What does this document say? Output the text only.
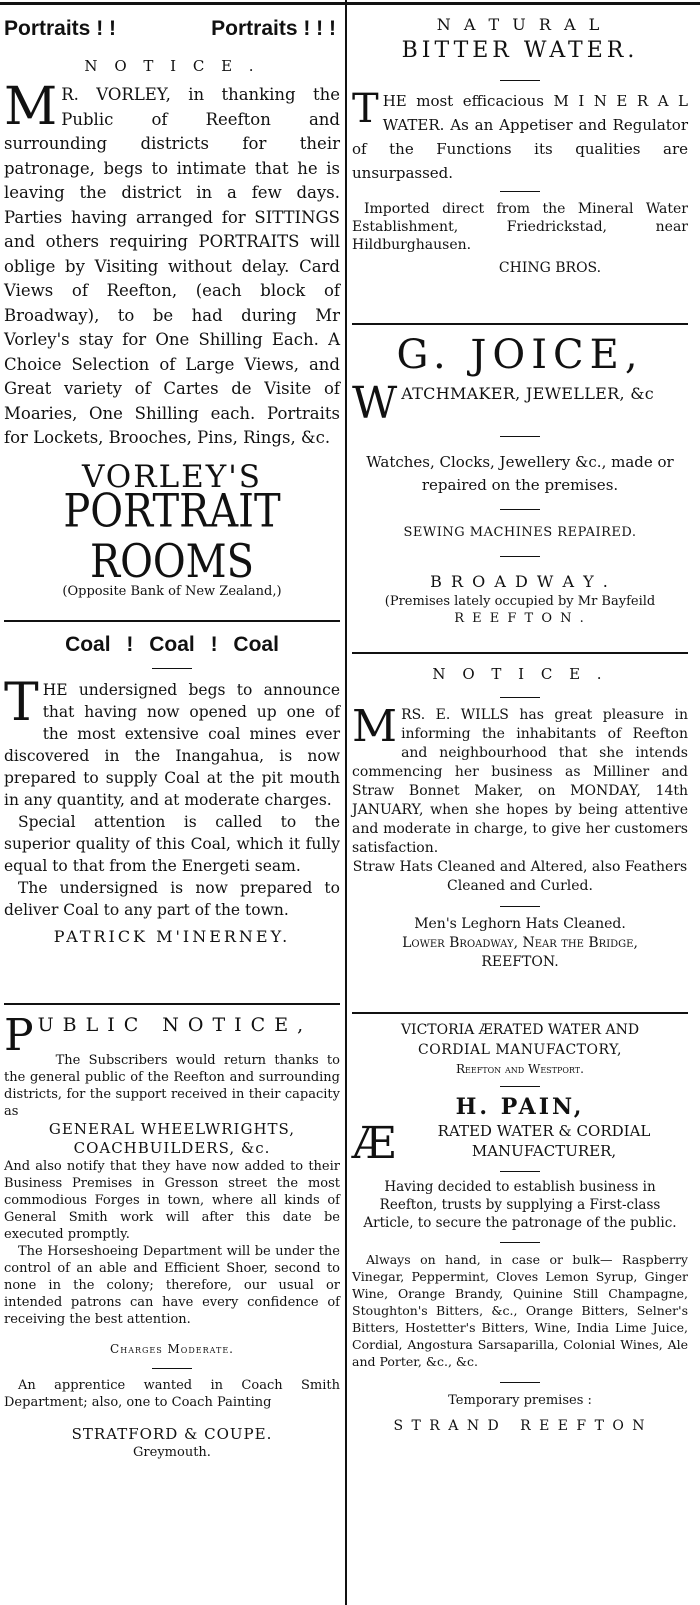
Portraits ! !	Portraits ! ! !
N O T I C E .
M R. VORLEY, in thanking the Public of Reefton and surrounding districts for their patronage, begs to intimate that he is leaving the district in a few days. Parties having arranged for SITTINGS and others requiring PORTRAITS will oblige by Visiting without delay. Card Views of Reefton, (each block of Broadway), to be had during Mr Vorley's stay for One Shilling Each. A Choice Selection of Large Views, and Great variety of Cartes de Visite of Moaries, One Shilling each. Portraits for Lockets, Brooches, Pins, Rings, &c.
VORLEY'S
PORTRAIT ROOMS
(Opposite Bank of New Zealand,)
Coal ! Coal ! Coal
THE undersigned begs to announce that having now opened up one of the most extensive coal mines ever discovered in the Inangahua, is now prepared to supply Coal at the pit mouth in any quantity, and at moderate charges.

Special attention is called to the superior quality of this Coal, which it fully equal to that from the Energeti seam.

The undersigned is now prepared to deliver Coal to any part of the town.

PATRICK M'INERNEY.
PUBLIC NOTICE,
The Subscribers would return thanks to the general public of the Reefton and surrounding districts, for the support received in their capacity as
GENERAL WHEELWRIGHTS,
COACHBUILDERS, &c.
And also notify that they have now added to their Business Premises in Gresson street the most commodious Forges in town, where all kinds of General Smith work will after this date be executed promptly.
The Horseshoeing Department will be under the control of an able and Efficient Shoer, second to none in the colony; therefore, our usual or intended patrons can have every confidence of receiving the best attention.
Charges Moderate.
An apprentice wanted in Coach Smith Department; also, one to Coach Painting
STRATFORD & COUPE.
Greymouth.
N A T U R A L
BITTER WATER.
THE most efficacious M I N E R A L WATER. As an Appetiser and Regulator of the Functions its qualities are unsurpassed.
Imported direct from the Mineral Water Establishment, Friedrickstad, near Hildburghausen.
CHING BROS.
G. JOICE,
WATCHMAKER, JEWELLER, &c
Watches, Clocks, Jewellery &c., made or repaired on the premises.
SEWING MACHINES REPAIRED.
B R O A D W A Y .
(Premises lately occupied by Mr Bayfeild
R E E F T O N .
N O T I C E .
MRS. E. WILLS has great pleasure in informing the inhabitants of Reefton and neighbourhood that she intends commencing her business as Milliner and Straw Bonnet Maker, on MONDAY, 14th JANUARY, when she hopes by being attentive and moderate in charge, to give her customers satisfaction.
Straw Hats Cleaned and Altered, also Feathers Cleaned and Curled.
Men's Leghorn Hats Cleaned.
Lower Broadway, Near the Bridge,
REEFTON.
VICTORIA ÆRATED WATER AND
CORDIAL MANUFACTORY,
Reefton and Westport.
H. PAIN,
Æ	RATED WATER & CORDIAL
MANUFACTURER,
Having decided to establish business in Reefton, trusts by supplying a First-class Article, to secure the patronage of the public.
Always on hand, in case or bulk— Raspberry Vinegar, Peppermint, Cloves Lemon Syrup, Ginger Wine, Orange Brandy, Quinine Still Champagne, Stoughton's Bitters, &c., Orange Bitters, Selner's Bitters, Hostetter's Bitters, Wine, India Lime Juice, Cordial, Angostura Sarsaparilla, Colonial Wines, Ale and Porter, &c., &c.
Temporary premises :
S T R A N D   R E E F T O N
